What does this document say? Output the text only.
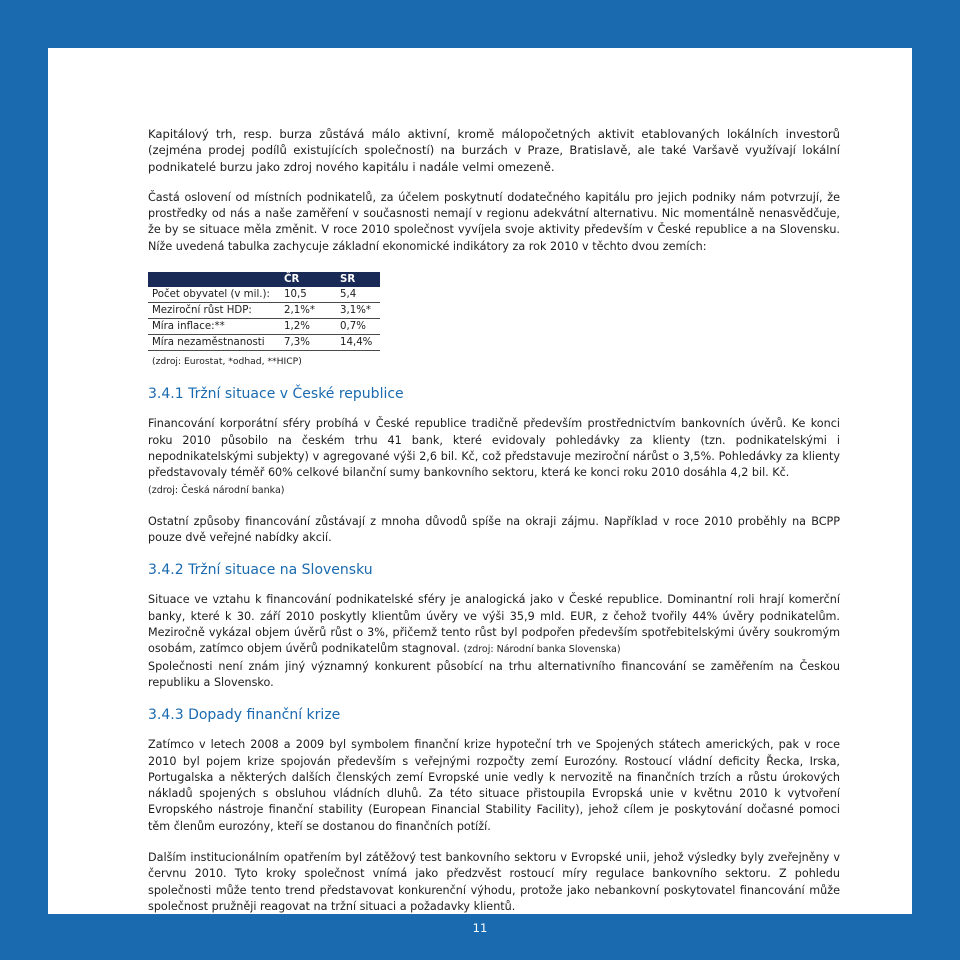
Kapitálový trh, resp. burza zůstává málo aktivní, kromě málopočetných aktivit etablovaných lokálních investorů (zejména prodej podílů existujících společností) na burzách v Praze, Bratislavě, ale také Varšavě využívají lokální podnikatelé burzu jako zdroj nového kapitálu i nadále velmi omezeně.

Častá oslovení od místních podnikatelů, za účelem poskytnutí dodatečného kapitálu pro jejich podniky nám potvrzují, že prostředky od nás a naše zaměření v současnosti nemají v regionu adekvátní alternativu. Nic momentálně nenasvědčuje, že by se situace měla změnit. V roce 2010 společnost vyvíjela svoje aktivity především v České republice a na Slovensku. Níže uvedená tabulka zachycuje základní ekonomické indikátory za rok 2010 v těchto dvou zemích:

	ČR	SR
Počet obyvatel (v mil.):	10,5	5,4
Meziroční růst HDP:	2,1%*	3,1%*
Míra inflace:**	1,2%	0,7%
Míra nezaměstnanosti	7,3%	14,4%
(zdroj: Eurostat, *odhad, **HICP)
3.4.1 Tržní situace v České republice

Financování korporátní sféry probíhá v České republice tradičně především prostřednictvím bankovních úvěrů. Ke konci roku 2010 působilo na českém trhu 41 bank, které evidovaly pohledávky za klienty (tzn. podnikatelskými i nepodnikatelskými subjekty) v agregované výši 2,6 bil. Kč, což představuje meziroční nárůst o 3,5%. Pohledávky za klienty představovaly téměř 60% celkové bilanční sumy bankovního sektoru, která ke konci roku 2010 dosáhla 4,2 bil. Kč.
(zdroj: Česká národní banka)

Ostatní způsoby financování zůstávají z mnoha důvodů spíše na okraji zájmu. Například v roce 2010 proběhly na BCPP pouze dvě veřejné nabídky akcií.

3.4.2 Tržní situace na Slovensku

Situace ve vztahu k financování podnikatelské sféry je analogická jako v České republice. Dominantní roli hrají komerční banky, které k 30. září 2010 poskytly klientům úvěry ve výši 35,9 mld. EUR, z čehož tvořily 44% úvěry podnikatelům. Meziročně vykázal objem úvěrů růst o 3%, přičemž tento růst byl podpořen především spotřebitelskými úvěry soukromým osobám, zatímco objem úvěrů podnikatelům stagnoval. (zdroj: Národní banka Slovenska)

Společnosti není znám jiný významný konkurent působící na trhu alternativního financování se zaměřením na Českou republiku a Slovensko.

3.4.3 Dopady finanční krize

Zatímco v letech 2008 a 2009 byl symbolem finanční krize hypoteční trh ve Spojených státech amerických, pak v roce 2010 byl pojem krize spojován především s veřejnými rozpočty zemí Eurozóny. Rostoucí vládní deficity Řecka, Irska, Portugalska a některých dalších členských zemí Evropské unie vedly k nervozitě na finančních trzích a růstu úrokových nákladů spojených s obsluhou vládních dluhů. Za této situace přistoupila Evropská unie v květnu 2010 k vytvoření Evropského nástroje finanční stability (European Financial Stability Facility), jehož cílem je poskytování dočasné pomoci těm členům eurozóny, kteří se dostanou do finančních potíží.

Dalším institucionálním opatřením byl zátěžový test bankovního sektoru v Evropské unii, jehož výsledky byly zveřejněny v červnu 2010. Tyto kroky společnost vnímá jako předzvěst rostoucí míry regulace bankovního sektoru. Z pohledu společnosti může tento trend představovat konkurenční výhodu, protože jako nebankovní poskytovatel financování může společnost pružněji reagovat na tržní situaci a požadavky klientů.

11
